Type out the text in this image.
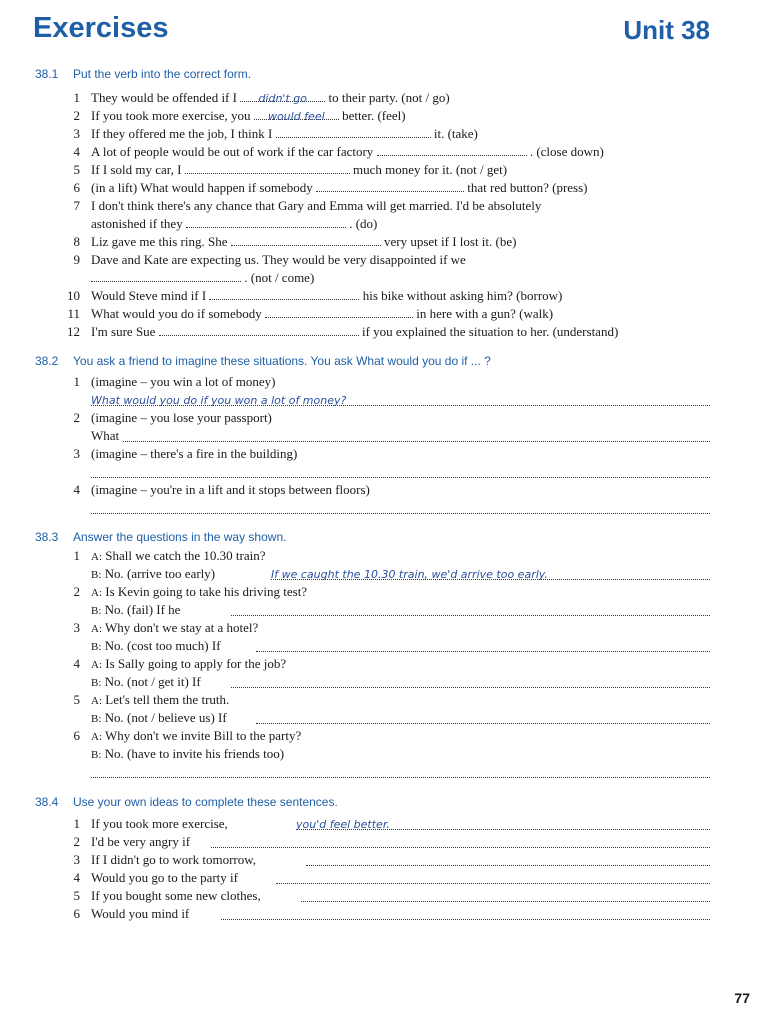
Exercises	Unit 38
38.1 Put the verb into the correct form.
38.2 You ask a friend to imagine these situations. You ask What would you do if ... ?
38.3 Answer the questions in the way shown.
38.4 Use your own ideas to complete these sentences.
77
1 They would be offended if I didn't go to their party. (not / go)
2 If you took more exercise, you would feel better. (feel)
3 If they offered me the job, I think I	it. (take)
4 A lot of people would be out of work if the car factory	. (close down)
5 If I sold my car, I	much money for it. (not / get)
6 (in a lift) What would happen if somebody	that red button? (press)
7 I don't think there's any chance that Gary and Emma will get married. I'd be absolutely
astonished if they	. (do)
8 Liz gave me this ring. She	very upset if I lost it. (be)
9 Dave and Kate are expecting us. They would be very disappointed if we
. (not / come)
10 Would Steve mind if I	his bike without asking him? (borrow)
11 What would you do if somebody	in here with a gun? (walk)
12 I'm sure Sue	if you explained the situation to her. (understand)
1 (imagine – you win a lot of money)
What would you do if you won a lot of money?
2 (imagine – you lose your passport)
What
3 (imagine – there's a fire in the building)
4 (imagine – you're in a lift and it stops between floors)
1 A: Shall we catch the 10.30 train?
B: No. (arrive too early)	If we caught the 10.30 train, we'd arrive too early.
2 A: Is Kevin going to take his driving test?
B: No. (fail) If he
3 A: Why don't we stay at a hotel?
B: No. (cost too much) If
4 A: Is Sally going to apply for the job?
B: No. (not / get it) If
5 A: Let's tell them the truth.
B: No. (not / believe us) If
6 A: Why don't we invite Bill to the party?
B: No. (have to invite his friends too)
1 If you took more exercise,	you'd feel better.
2 I'd be very angry if
3 If I didn't go to work tomorrow,
4 Would you go to the party if
5 If you bought some new clothes,
6 Would you mind if
